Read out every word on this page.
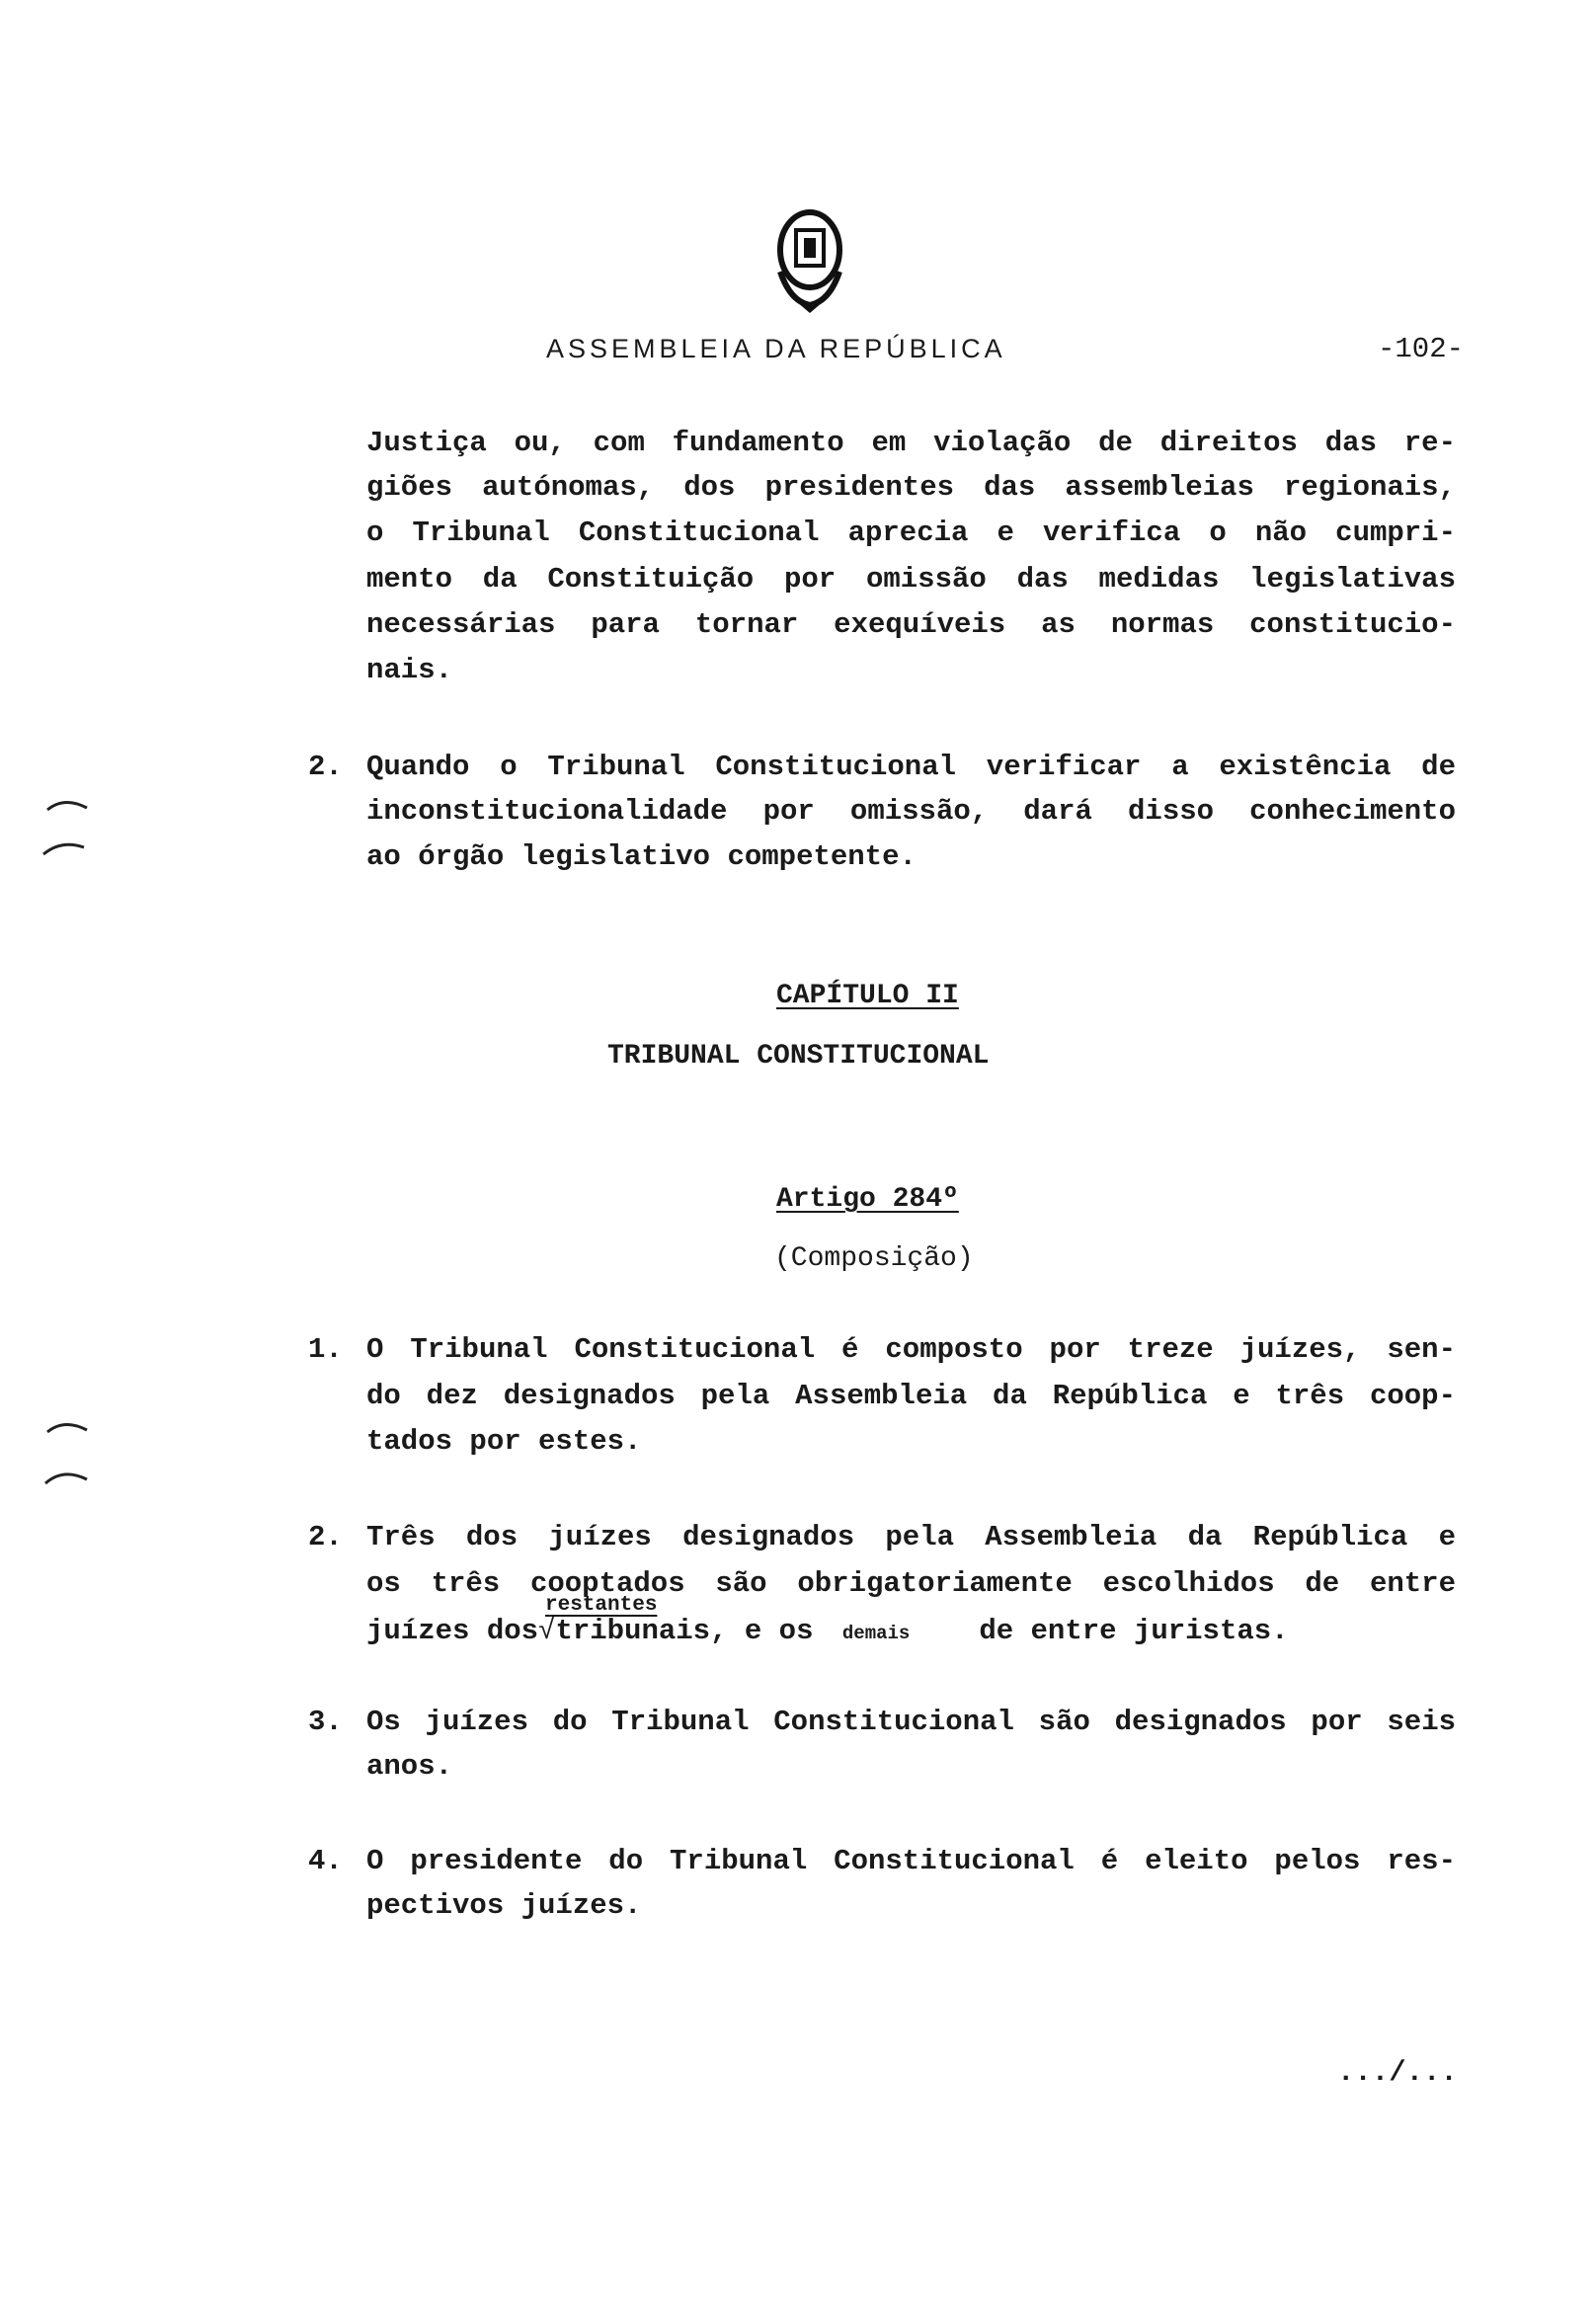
ASSEMBLEIA DA REPÚBLICA	-102-
Justiça ou, com fundamento em violação de direitos das re-
giões autónomas, dos presidentes das assembleias regionais,
o Tribunal Constitucional aprecia e verifica o não cumpri-
mento da Constituição por omissão das medidas legislativas
necessárias para tornar exequíveis as normas constitucio-
nais.
2. Quando o Tribunal Constitucional verificar a existência de
inconstitucionalidade por omissão, dará disso conhecimento
ao órgão legislativo competente.
CAPÍTULO II
TRIBUNAL CONSTITUCIONAL
Artigo 284º
(Composição)
1. O Tribunal Constitucional é composto por treze juízes, sen-
do dez designados pela Assembleia da República e três coop-
tados por estes.
2. Três dos juízes designados pela Assembleia da República e
os três cooptados são obrigatoriamente escolhidos de entre
juízes dos√tribunais, e os demais de entre juristas.
restantes
3. Os juízes do Tribunal Constitucional são designados por seis
anos.
4. O presidente do Tribunal Constitucional é eleito pelos res-
pectivos juízes.
.../...
